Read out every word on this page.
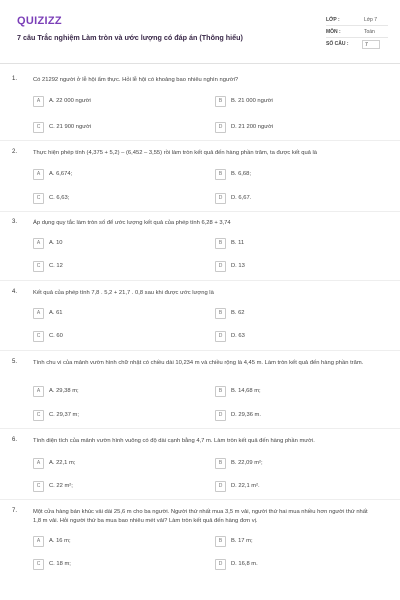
QUIZIZZ
7 câu Trắc nghiệm Làm tròn và ước lượng có đáp án (Thông hiểu)
LỚP :	Lớp 7
MÔN :	Toán
SỐ CÂU :	7
1.	Có 21292 người ở lễ hội ẩm thực. Hỏi lễ hội có khoảng bao nhiêu nghìn người?
A	A. 22 000 người	B	B. 21 000 người
C	C. 21 900 người	D	D. 21 200 người
2.	Thực hiện phép tính (4,375 + 5,2) – (6,452 – 3,55) rồi làm tròn kết quả đến hàng phần trăm, ta được kết quả là
A	A. 6,674;	B	B. 6,68;
C	C. 6,63;	D	D. 6,67.
3.	Áp dụng quy tắc làm tròn số để ước lượng kết quả của phép tính 6,28 + 3,74
A	A. 10	B	B. 11
C	C. 12	D	D. 13
4.	Kết quả của phép tính 7,8 . 5,2 + 21,7 . 0,8 sau khi được ước lượng là
A	A. 61	B	B. 62
C	C. 60	D	D. 63
5.	Tính chu vi của mảnh vườn hình chữ nhật có chiều dài 10,234 m và chiều rộng là 4,45 m. Làm tròn kết quả đến hàng phần trăm.
A	A. 29,38 m;	B	B. 14,68 m;
C	C. 29,37 m;	D	D. 29,36 m.
6.	Tính diện tích của mảnh vườn hình vuông có độ dài cạnh bằng 4,7 m. Làm tròn kết quả đến hàng phần mười.
A	A. 22,1 m;	B	B. 22,09 m²;
C	C. 22 m²;	D	D. 22,1 m².
7.	Một cửa hàng bán khúc vải dài 25,6 m cho ba người. Người thứ nhất mua 3,5 m vải, người thứ hai mua nhiều hơn người thứ nhất 1,8 m vải. Hỏi người thứ ba mua bao nhiêu mét vải? Làm tròn kết quả đến hàng đơn vị.
A	A. 16 m;	B	B. 17 m;
C	C. 18 m;	D	D. 16,8 m.
